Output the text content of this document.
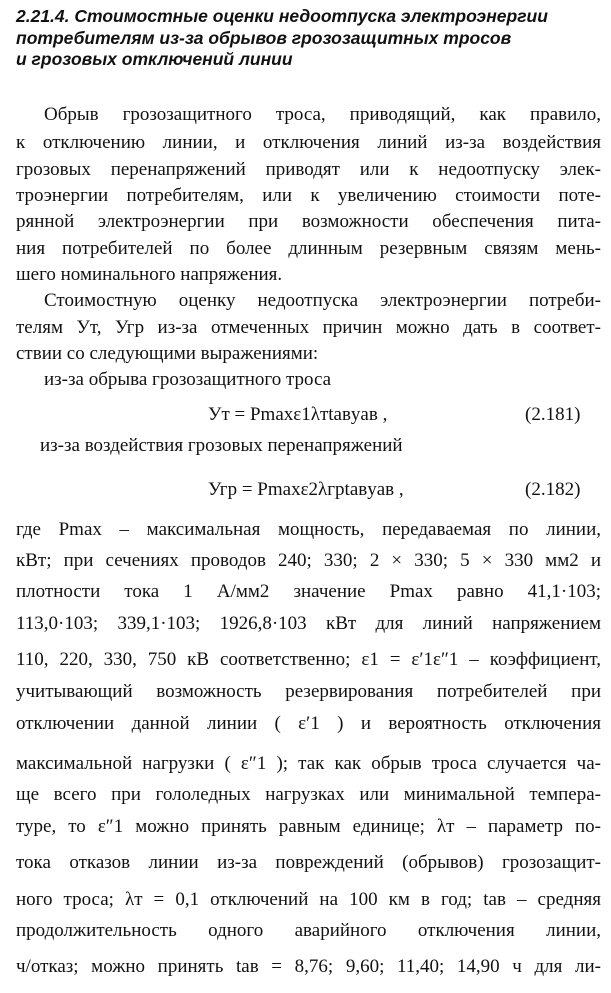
2.21.4. Стоимостные оценки недоотпуска электроэнергии
потребителям из-за обрывов грозозащитных тросов
и грозовых отключений линии
Обрыв грозозащитного троса, приводящий, как правило,
к отключению линии, и отключения линий из-за воздействия
грозовых перенапряжений приводят или к недоотпуску элек-
троэнергии потребителям, или к увеличению стоимости поте-
рянной электроэнергии при возможности обеспечения пита-
ния потребителей по более длинным резервным связям мень-
шего номинального напряжения.
Стоимостную оценку недоотпуска электроэнергии потреби-
телям Ут, Угр из-за отмеченных причин можно дать в соответ-
ствии со следующими выражениями:
из-за обрыва грозозащитного троса
Ут = Pmaxε1λтtавyав ,	(2.181)
из-за воздействия грозовых перенапряжений
Угр = Pmaxε2λгрtавyав ,	(2.182)
где Pmax – максимальная мощность, передаваемая по линии,
кВт; при сечениях проводов 240; 330; 2 × 330; 5 × 330 мм2 и
плотности тока 1 А/мм2 значение Pmax равно 41,1·103;
113,0·103; 339,1·103; 1926,8·103 кВт для линий напряжением
110, 220, 330, 750 кВ соответственно; ε1 = ε′1ε″1 – коэффициент,
учитывающий возможность резервирования потребителей при
отключении данной линии ( ε′1 ) и вероятность отключения
максимальной нагрузки ( ε″1 ); так как обрыв троса случается ча-
ще всего при гололедных нагрузках или минимальной темпера-
туре, то ε″1 можно принять равным единице; λт – параметр по-
тока отказов линии из-за повреждений (обрывов) грозозащит-
ного троса; λт = 0,1 отключений на 100 км в год; tав – средняя
продолжительность одного аварийного отключения линии,
ч/отказ; можно принять tав = 8,76; 9,60; 11,40; 14,90 ч для ли-
